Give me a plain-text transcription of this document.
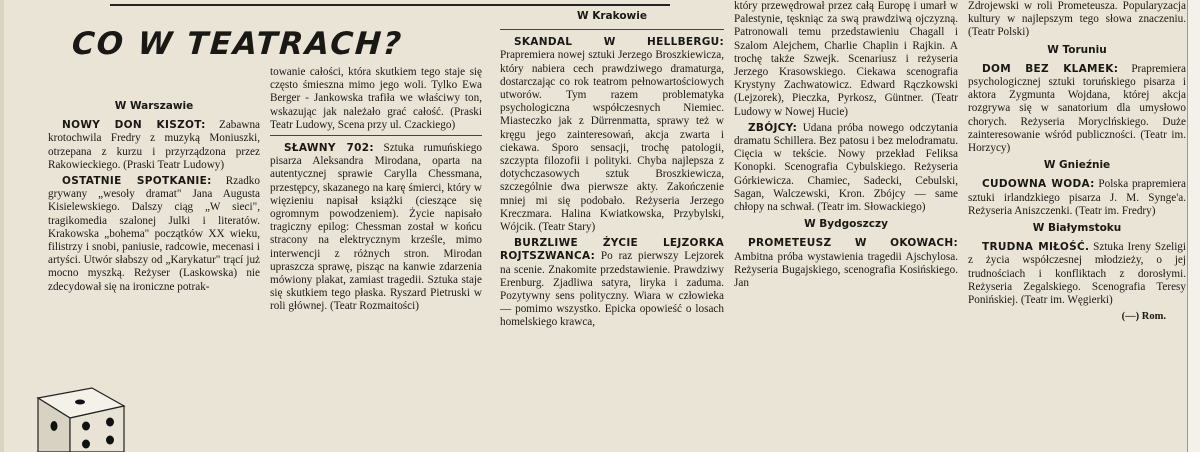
CO W TEATRACH?
W Warszawie

NOWY DON KISZOT: Zabawna krotochwila Fredry z muzyką Moniuszki, otrzepana z kurzu i przyrządzona przez Rakowieckiego. (Praski Teatr Ludowy)

OSTATNIE SPOTKANIE: Rzadko grywany „wesoły dramat" Jana Augusta Kisielewskiego. Dalszy ciąg „W sieci", tragikomedia szalonej Julki i literatów. Krakowska „bohema" początków XX wieku, filistrzy i snobi, paniusie, radcowie, mecenasi i artyści. Utwór słabszy od „Karykatur" trącí już mocno myszką. Reżyser (Laskowska) nie zdecydował się na ironiczne potrak-

towanie całości, która skutkiem tego staje się często śmieszna mimo jego woli. Tylko Ewa Berger - Jankowska trafiła we właściwy ton, wskazując jak należało grać całość. (Praski Teatr Ludowy, Scena przy ul. Czackiego)

SŁAWNY 702: Sztuka rumuńskiego pisarza Aleksandra Mirodana, oparta na autentycznej sprawie Carylla Chessmana, przestępcy, skazanego na karę śmierci, który w więzieniu napisał książki (cieszące się ogromnym powodzeniem). Życie napisało tragiczny epilog: Chessman został w końcu stracony na elektrycznym krześle, mimo interwencji z różnych stron. Mirodan upraszcza sprawę, pisząc na kanwie zdarzenia mówiony plakat, zamiast tragedii. Sztuka staje się skutkiem tego płaska. Ryszard Pietruski w roli głównej. (Teatr Rozmaitości)

W Krakowie

SKANDAL W HELLBERGU: Prapremiera nowej sztuki Jerzego Broszkiewicza, który nabiera cech prawdziwego dramaturga, dostarczając co rok teatrom pełnowartościowych utworów. Tym razem problematyka psychologiczna współczesnych Niemiec. Miasteczko jak z Dürrenmatta, sprawy też w kręgu jego zainteresowań, akcja zwarta i ciekawa. Sporo sensacji, trochę patologii, szczypta filozofii i polityki. Chyba najlepsza z dotychczasowych sztuk Broszkiewicza, szczególnie dwa pierwsze akty. Zakończenie mniej mi się podobało. Reżyseria Jerzego Kreczmara. Halina Kwiatkowska, Przybylski, Wójcik. (Teatr Stary)

BURZLIWE ŻYCIE LEJZORKA ROJTSZWANCA: Po raz pierwszy Lejzorek na scenie. Znakomite przedstawienie. Prawdziwy Erenburg. Zjadliwa satyra, liryka i zaduma. Pozytywny sens polityczny. Wiara w człowieka — pomimo wszystko. Epicka opowieść o losach homelskiego krawca,

który przewędrował przez całą Europę i umarł w Palestynie, tęskniąc za swą prawdziwą ojczyzną. Patronowali temu przedstawieniu Chagall i Szalom Alejchem, Charlie Chaplin i Rajkin. A trochę także Szwejk. Scenariusz i reżyseria Jerzego Krasowskiego. Ciekawa scenografia Krystyny Zachwatowicz. Edward Rączkowski (Lejzorek), Pieczka, Pyrkosz, Güntner. (Teatr Ludowy w Nowej Hucie)

ZBÓJCY: Udana próba nowego odczytania dramatu Schillera. Bez patosu i bez melodramatu. Cięcia w tekście. Nowy przekład Feliksa Konopki. Scenografia Cybulskiego. Reżyseria Górkiewicza. Chamiec, Sadecki, Cebulski, Sagan, Walczewski, Kron. Zbójcy — same chłopy na schwał. (Teatr im. Słowackiego)

W Bydgoszczy

PROMETEUSZ W OKOWACH: Ambitna próba wystawienia tragedii Ajschylosa. Reżyseria Bugajskiego, scenografia Kosińskiego. Jan

Zdrojewski w roli Prometeusza. Popularyzacja kultury w najlepszym tego słowa znaczeniu. (Teatr Polski)

W Toruniu

DOM BEZ KLAMEK: Prapremiera psychologicznej sztuki toruńskiego pisarza i aktora Zygmunta Wojdana, której akcja rozgrywa się w sanatorium dla umysłowo chorych. Reżyseria Moryclńskiego. Duże zainteresowanie wśród publiczności. (Teatr im. Horzycy)

W Gnieźnie

CUDOWNA WODA: Polska prapremiera sztuki irlandzkiego pisarza J. M. Synge'a. Reżyseria Aniszczenki. (Teatr im. Fredry)

W Białymstoku

TRUDNA MIŁOŚĆ. Sztuka Ireny Szeligi z życia współczesnej młodzieży, o jej trudnościach i konfliktach z dorosłymi. Reżyseria Zegalskiego. Scenografia Teresy Ponińskiej. (Teatr im. Węgierki)

(—) Rom.
